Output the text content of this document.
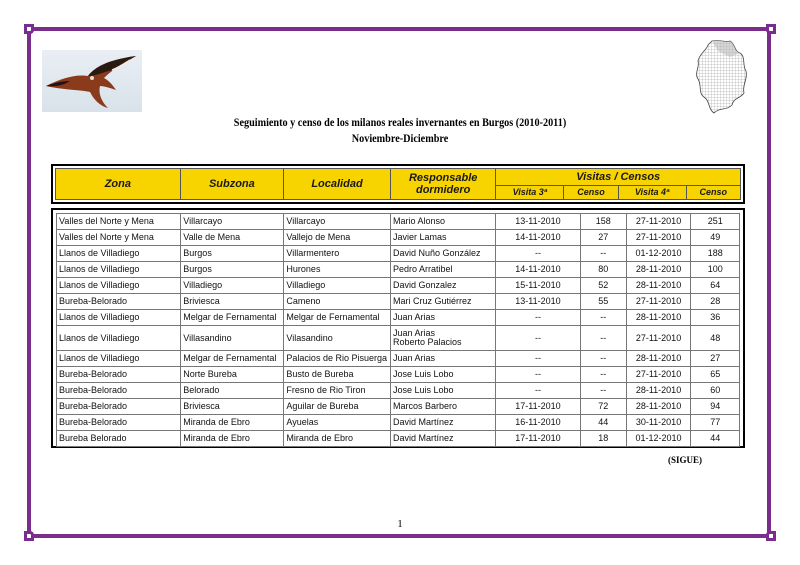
Seguimiento y censo de los milanos reales invernantes en Burgos (2010-2011)
Noviembre-Diciembre
Zona	Subzona	Localidad	Responsable
dormidero	Visitas / Censos			
				Visita 3ª	Censo	Visita 4ª	Censo
Valles del Norte y Mena	Villarcayo	Villarcayo	Mario Alonso	13-11-2010	158	27-11-2010	251
Valles del Norte y Mena	Valle de Mena	Vallejo de Mena	Javier Lamas	14-11-2010	27	27-11-2010	49
Llanos de Villadiego	Burgos	Villarmentero	David Nuño González	--	--	01-12-2010	188
Llanos de Villadiego	Burgos	Hurones	Pedro Arratibel	14-11-2010	80	28-11-2010	100
Llanos de Villadiego	Villadiego	Villadiego	David Gonzalez	15-11-2010	52	28-11-2010	64
Bureba-Belorado	Briviesca	Cameno	Mari Cruz Gutiérrez	13-11-2010	55	27-11-2010	28
Llanos de Villadiego	Melgar de Fernamental	Melgar de Fernamental	Juan Arias	--	--	28-11-2010	36
Llanos de Villadiego	Villasandino	Vilasandino	Juan Arias
Roberto Palacios	--	--	27-11-2010	48
Llanos de Villadiego	Melgar de Fernamental	Palacios de Rio Pisuerga	Juan Arias	--	--	28-11-2010	27
Bureba-Belorado	Norte Bureba	Busto de Bureba	Jose Luis Lobo	--	--	27-11-2010	65
Bureba-Belorado	Belorado	Fresno de Rio Tiron	Jose Luis Lobo	--	--	28-11-2010	60
Bureba-Belorado	Briviesca	Aguilar de Bureba	Marcos Barbero	17-11-2010	72	28-11-2010	94
Bureba-Belorado	Miranda de Ebro	Ayuelas	David Martínez	16-11-2010	44	30-11-2010	77
Bureba Belorado	Miranda de Ebro	Miranda de Ebro	David Martínez	17-11-2010	18	01-12-2010	44
(SIGUE)
1
